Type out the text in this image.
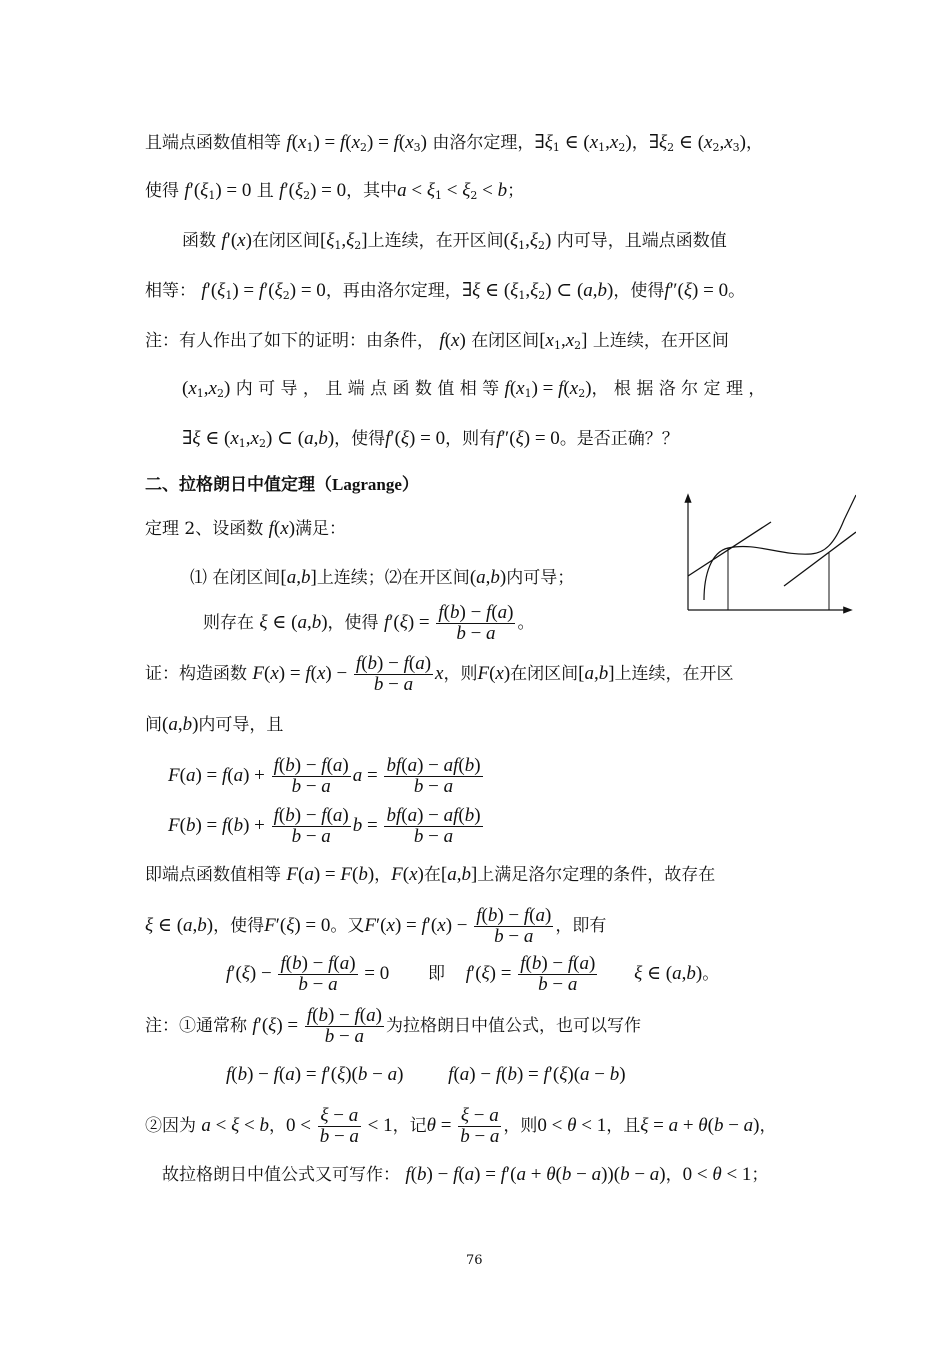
且端点函数值相等 $f(x_1) = f(x_2) = f(x_3)$ 由洛尔定理，$\exists\xi_1$ ∈ $(x_1,x_2)$，$\exists\xi_2$ ∈ $(x_2,x_3)$，
使得 $f'(\xi_1) = 0$ 且 $f'(\xi_2) = 0$，其中$a < \xi_1 < \xi_2 < b$；
函数 f′(x)在闭区间$[\xi_1,\xi_2]$上连续，在开区间$(\xi_1,\xi_2)$ 内可导，且端点函数值
相等： $f'(\xi_1) = f'(\xi_2) = 0$，再由洛尔定理，∃ξ ∈ $(\xi_1,\xi_2)$ ⊂ (a,b)，使得f″(ξ) = 0。
注：有人作出了如下的证明：由条件， f(x) 在闭区间$[x_1,x_2]$ 上连续，在开区间
$(x_1,x_2)$ 内 可 导 ， 且 端 点 函 数 值 相 等 $f(x_1) = f(x_2)$， 根 据 洛 尔 定 理 ，
∃ξ ∈ $(x_1,x_2)$ ⊂ (a,b)，使得f′(ξ) = 0，则有f″(ξ) = 0。是否正确？？
二、拉格朗日中值定理（Lagrange）
定理 2、设函数 f(x)满足：
⑴ 在闭区间[a,b]上连续；⑵在开区间(a,b)内可导；
则存在 ξ ∈ (a,b)，使得 $f'(\xi) = \frac{f(b) - f(a)}{b - a}$ 。
证：构造函数 $F(x) = f(x) - \frac{f(b) - f(a)}{b - a}$ x，则F(x)在闭区间[a,b]上连续，在开区
间(a,b)内可导，且
$F(a) = f(a) + \frac{f(b) - f(a)}{b - a}$ $a = \frac{bf(a) - af(b)}{b - a}$
$F(b) = f(b) + \frac{f(b) - f(a)}{b - a}$ $b = \frac{bf(a) - af(b)}{b - a}$
即端点函数值相等 F(a) = F(b)，F(x)在[a,b]上满足洛尔定理的条件，故存在
ξ ∈ (a,b)，使得F′(ξ) = 0。又$F'(x) = f'(x) - \frac{f(b) - f(a)}{b - a}$ ，即有
$f'(\xi) - \frac{f(b) - f(a)}{b - a} = 0$ 即 $f'(\xi) = \frac{f(b) - f(a)}{b - a}$ ξ ∈ (a,b)。
注：①通常称 $f'(\xi) = \frac{f(b) - f(a)}{b - a}$ 为拉格朗日中值公式，也可以写作
f(b) − f(a) = f′(ξ)(b − a) f(a) − f(b) = f′(ξ)(a − b)
②因为 a < ξ < b，$0 < \frac{\xi - a}{b - a} < 1$，记$\theta = \frac{\xi - a}{b - a}$ ，则0 < θ < 1，且ξ = a + θ(b − a)，
故拉格朗日中值公式又可写作： f(b) − f(a) = f′(a + θ(b − a))(b − a)，0 < θ < 1；
76
